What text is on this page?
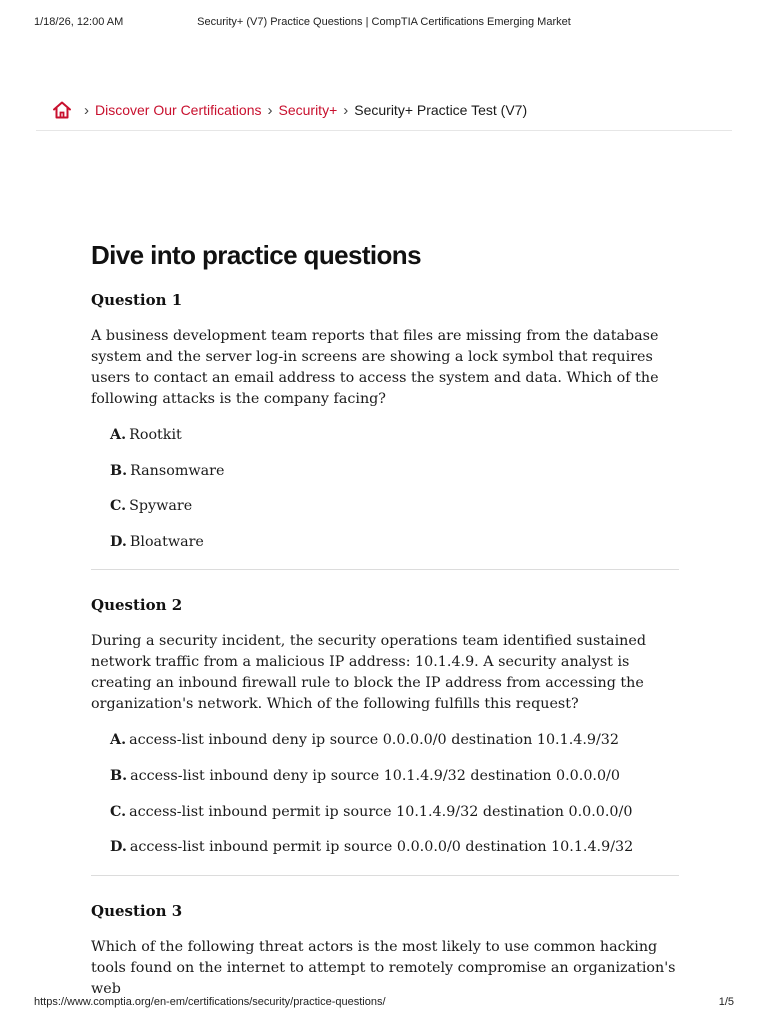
1/18/26, 12:00 AM	Security+ (V7) Practice Questions | CompTIA Certifications Emerging Market
› Discover Our Certifications › Security+ › Security+ Practice Test (V7)
Dive into practice questions

Question 1

A business development team reports that files are missing from the database system and the server log-in screens are showing a lock symbol that requires users to contact an email address to access the system and data. Which of the following attacks is the company facing?

A. Rootkit
B. Ransomware
C. Spyware
D. Bloatware

Question 2

During a security incident, the security operations team identified sustained network traffic from a malicious IP address: 10.1.4.9. A security analyst is creating an inbound firewall rule to block the IP address from accessing the organization's network. Which of the following fulfills this request?

A. access-list inbound deny ip source 0.0.0.0/0 destination 10.1.4.9/32
B. access-list inbound deny ip source 10.1.4.9/32 destination 0.0.0.0/0
C. access-list inbound permit ip source 10.1.4.9/32 destination 0.0.0.0/0
D. access-list inbound permit ip source 0.0.0.0/0 destination 10.1.4.9/32

Question 3

Which of the following threat actors is the most likely to use common hacking tools found on the internet to attempt to remotely compromise an organization's web

https://www.comptia.org/en-em/certifications/security/practice-questions/	1/5
